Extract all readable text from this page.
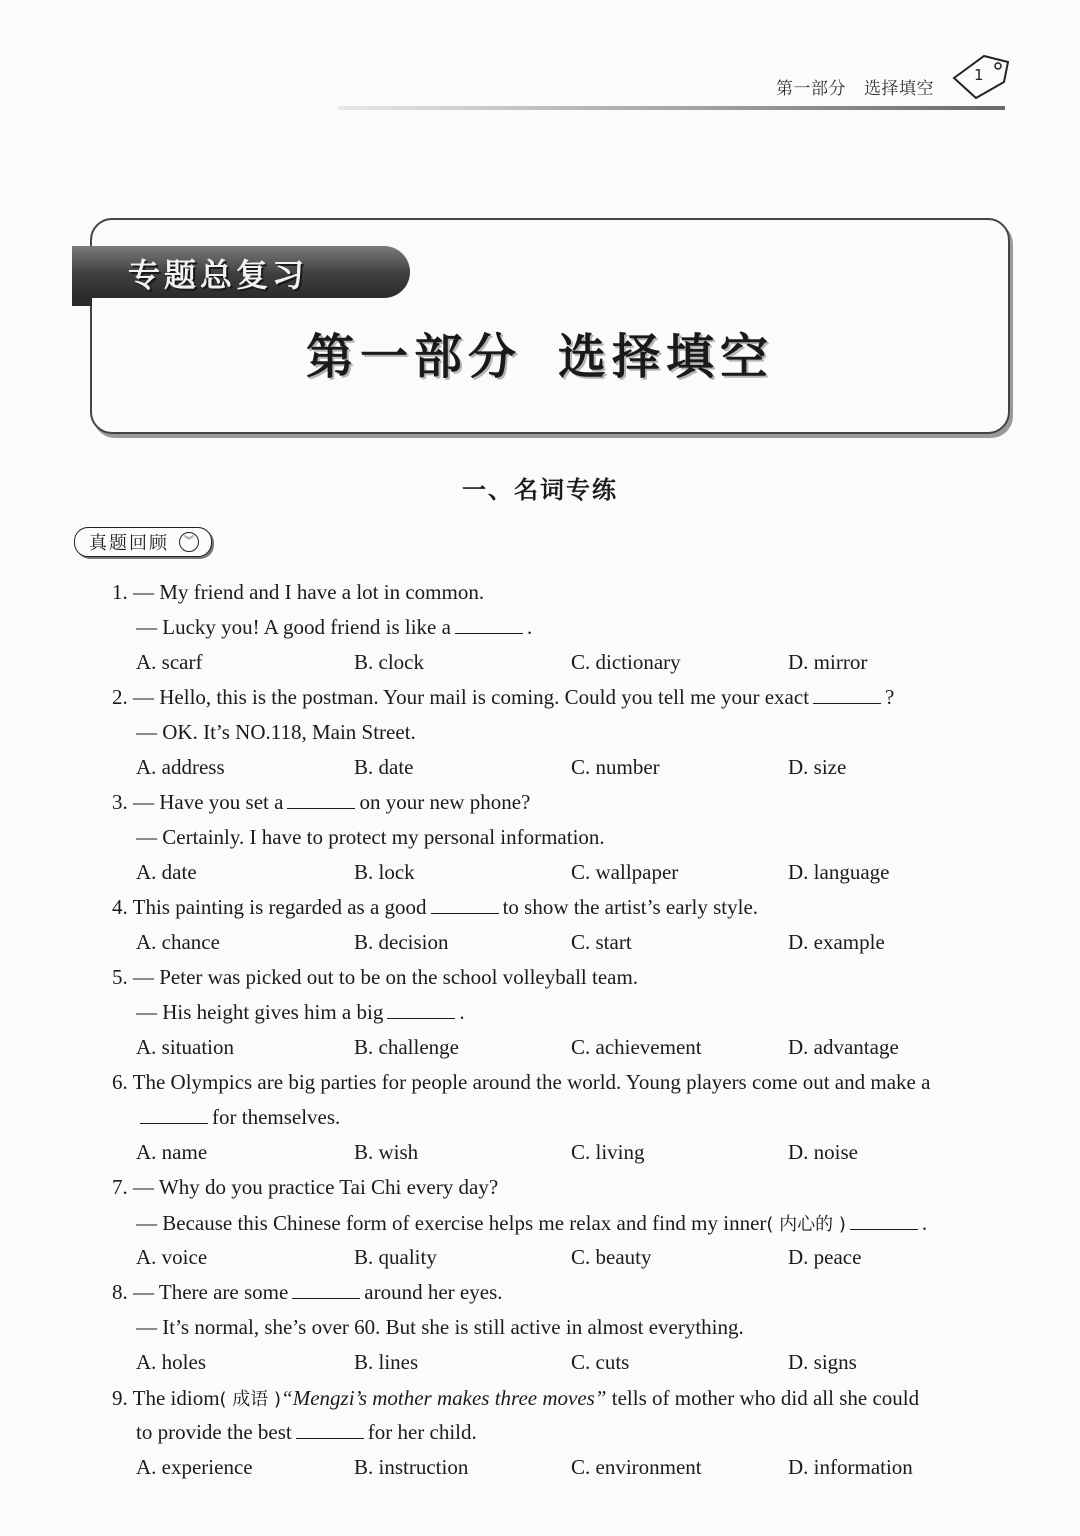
第一部分 选择填空
1
专题总复习
第一部分 选择填空
一、名词专练
真题回顾	︾
1. — My friend and I have a lot in common.
— Lucky you! A good friend is like a	.
A. scarf	B. clock	C. dictionary	D. mirror
2. — Hello, this is the postman. Your mail is coming. Could you tell me your exact	?
— OK. It’s NO.118, Main Street.
A. address	B. date	C. number	D. size
3. — Have you set a	on your new phone?
— Certainly. I have to protect my personal information.
A. date	B. lock	C. wallpaper	D. language
4. This painting is regarded as a good	to show the artist’s early style.
A. chance	B. decision	C. start	D. example
5. — Peter was picked out to be on the school volleyball team.
— His height gives him a big	.
A. situation	B. challenge	C. achievement	D. advantage
6. The Olympics are big parties for people around the world. Young players come out and make a
for themselves.
A. name	B. wish	C. living	D. noise
7. — Why do you practice Tai Chi every day?
— Because this Chinese form of exercise helps me relax and find my inner( 内心的 )	.
A. voice	B. quality	C. beauty	D. peace
8. — There are some	around her eyes.
— It’s normal, she’s over 60. But she is still active in almost everything.
A. holes	B. lines	C. cuts	D. signs
9. The idiom( 成语 )“Mengzi’s mother makes three moves” tells of mother who did all she could
to provide the best	for her child.
A. experience	B. instruction	C. environment	D. information
